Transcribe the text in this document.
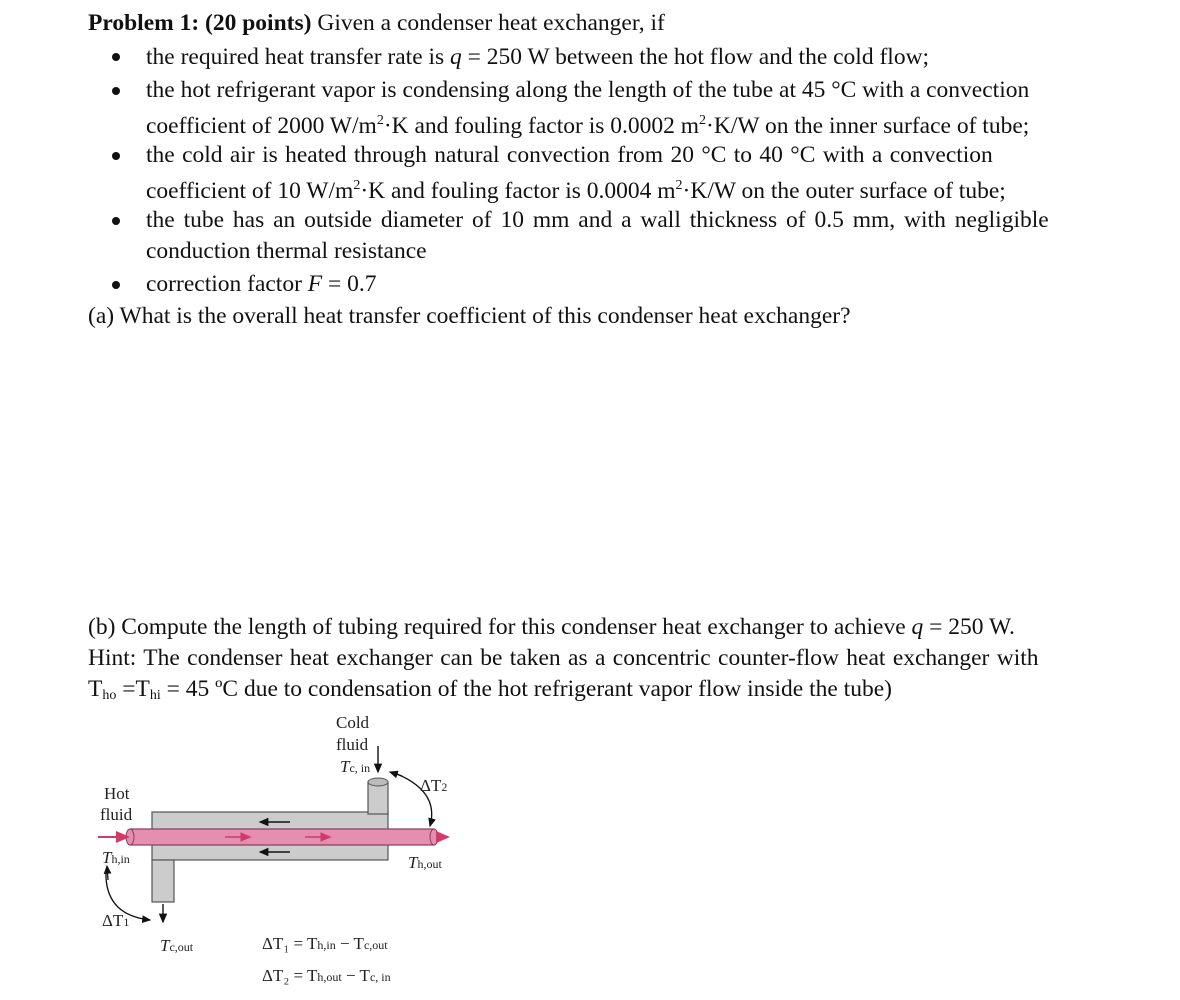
Problem 1: (20 points) Given a condenser heat exchanger, if
the required heat transfer rate is q = 250 W between the hot flow and the cold flow;
the hot refrigerant vapor is condensing along the length of the tube at 45 °C with a convection
coefficient of 2000 $W/m^2\cdot K$ and fouling factor is 0.0002 $m^2\cdot K/W$ on the inner surface of tube;
the cold air is heated through natural convection from 20 °C to 40 °C with a convection
coefficient of 10 $W/m^2\cdot K$ and fouling factor is 0.0004 $m^2\cdot K/W$ on the outer surface of tube;
the tube has an outside diameter of 10 mm and a wall thickness of 0.5 mm, with negligible
conduction thermal resistance
correction factor F = 0.7
(a) What is the overall heat transfer coefficient of this condenser heat exchanger?
(b) Compute the length of tubing required for this condenser heat exchanger to achieve q = 250 W.
Hint: The condenser heat exchanger can be taken as a concentric counter-flow heat exchanger with
$T_{ho} =T_{hi} = 45$ ºC due to condensation of the hot refrigerant vapor flow inside the tube)
Cold
fluid
Tc, in
Hot
fluid
Th,in	Th,out
ΔT2
ΔT1
Tc,out	ΔT₁ = Th,in − Tc,out
ΔT₂ = Th,out − Tc, in
